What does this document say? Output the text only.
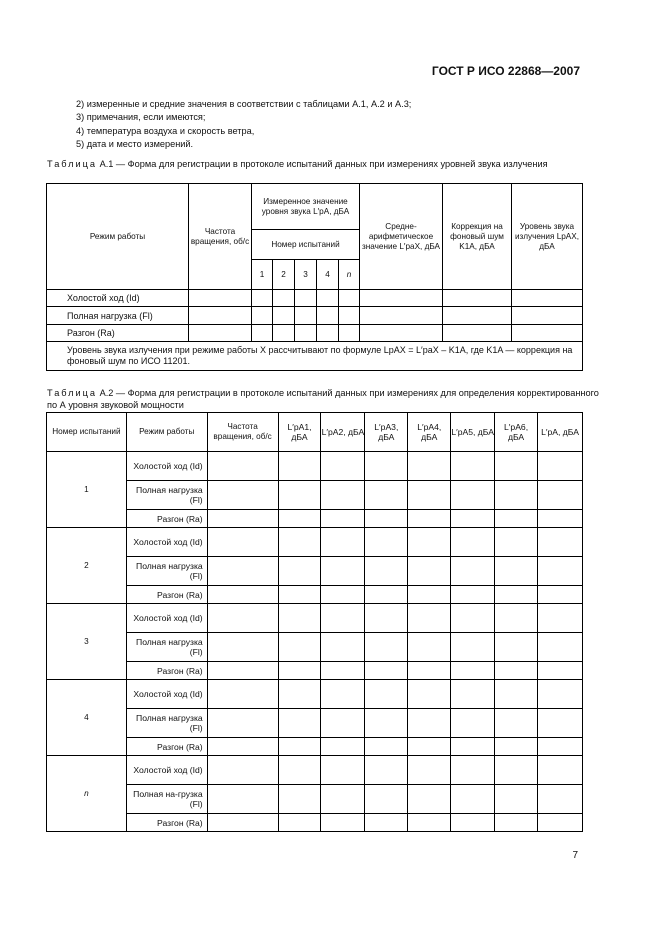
ГОСТ Р ИСО 22868—2007
2) измеренные и средние значения в соответствии с таблицами А.1, А.2 и А.3;
3) примечания, если имеются;
4) температура воздуха и скорость ветра,
5) дата и место измерений.
Таблица А.1 — Форма для регистрации в протоколе испытаний данных при измерениях уровней звука излучения
Режим работы	Частота вращения, об/с	Измеренное значение уровня звука L′pA, дБА					Средне-арифметическое значение L′paX, дБА	Коррекция на фоновый шум K1A, дБА	Уровень звука излучения LpAX, дБА
		Номер испытаний							
		1	2	3	4	n			
Холостой ход (Id)									
Полная нагрузка (Fl)									
Разгон (Ra)									
Уровень звука излучения при режиме работы X рассчитывают по формуле LpAX = L′paX – K1A, где K1A — коррекция на фоновый шум по ИСО 11201.									
Таблица А.2 — Форма для регистрации в протоколе испытаний данных при измерениях для определения корректированного по А уровня звуковой мощности
Номер испытаний	Режим работы	Частота вращения, об/с	L′pA1, дБА	L′pA2, дБА	L′pA3, дБА	L′pA4, дБА	L′pA5, дБА	L′pA6, дБА	L′pA, дБА
1	Холостой ход (Id)								
	Полная нагрузка (Fl)								
	Разгон (Ra)								
2	Холостой ход (Id)								
	Полная нагрузка (Fl)								
	Разгон (Ra)								
3	Холостой ход (Id)								
	Полная нагрузка (Fl)								
	Разгон (Ra)								
4	Холостой ход (Id)								
	Полная нагрузка (Fl)								
	Разгон (Ra)								
n	Холостой ход (Id)								
	Полная на-грузка (Fl)								
	Разгон (Ra)								
7
